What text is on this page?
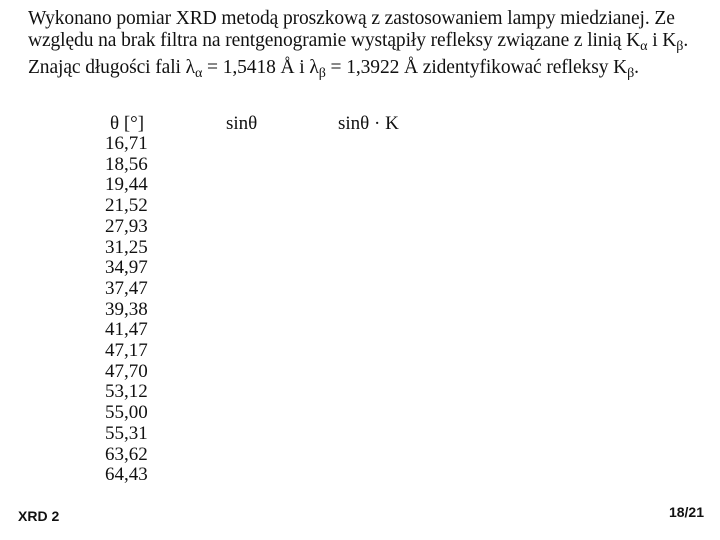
Wykonano pomiar XRD metodą proszkową z zastosowaniem lampy miedzianej. Ze
względu na brak filtra na rentgenogramie wystąpiły refleksy związane z linią $K_\alpha$ i $K_\beta$.
Znając długości fali $\lambda_\alpha = 1,5418$ Å i $\lambda_\beta = 1,3922$ Å zidentyfikować refleksy $K_\beta$.
θ [°]	sinθ	sinθ · K
16,71
18,56
19,44
21,52
27,93
31,25
34,97
37,47
39,38
41,47
47,17
47,70
53,12
55,00
55,31
63,62
64,43
XRD 2	18/21
